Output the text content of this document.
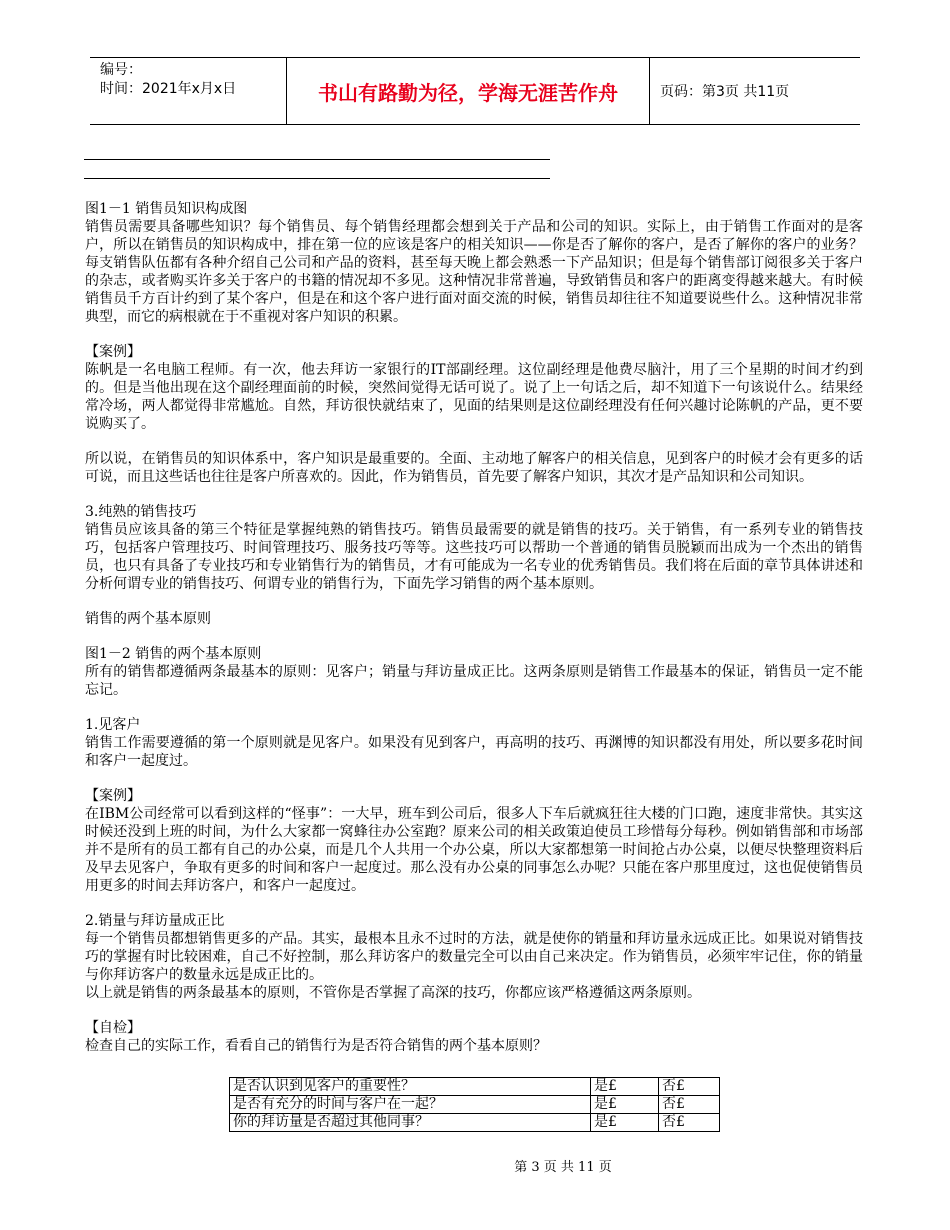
编号：
时间：2021年x月x日	书山有路勤为径，学海无涯苦作舟	页码：第3页 共11页

图1－1 销售员知识构成图

销售员需要具备哪些知识？每个销售员、每个销售经理都会想到关于产品和公司的知识。实际上，由于销售工作面对的是客户，所以在销售员的知识构成中，排在第一位的应该是客户的相关知识——你是否了解你的客户，是否了解你的客户的业务？每支销售队伍都有各种介绍自己公司和产品的资料，甚至每天晚上都会熟悉一下产品知识；但是每个销售部订阅很多关于客户的杂志，或者购买许多关于客户的书籍的情况却不多见。这种情况非常普遍，导致销售员和客户的距离变得越来越大。有时候销售员千方百计约到了某个客户，但是在和这个客户进行面对面交流的时候，销售员却往往不知道要说些什么。这种情况非常典型，而它的病根就在于不重视对客户知识的积累。

【案例】

陈帆是一名电脑工程师。有一次，他去拜访一家银行的IT部副经理。这位副经理是他费尽脑汁，用了三个星期的时间才约到的。但是当他出现在这个副经理面前的时候，突然间觉得无话可说了。说了上一句话之后，却不知道下一句该说什么。结果经常冷场，两人都觉得非常尴尬。自然，拜访很快就结束了，见面的结果则是这位副经理没有任何兴趣讨论陈帆的产品，更不要说购买了。

所以说，在销售员的知识体系中，客户知识是最重要的。全面、主动地了解客户的相关信息，见到客户的时候才会有更多的话可说，而且这些话也往往是客户所喜欢的。因此，作为销售员，首先要了解客户知识，其次才是产品知识和公司知识。

3.纯熟的销售技巧

销售员应该具备的第三个特征是掌握纯熟的销售技巧。销售员最需要的就是销售的技巧。关于销售，有一系列专业的销售技巧，包括客户管理技巧、时间管理技巧、服务技巧等等。这些技巧可以帮助一个普通的销售员脱颖而出成为一个杰出的销售员，也只有具备了专业技巧和专业销售行为的销售员，才有可能成为一名专业的优秀销售员。我们将在后面的章节具体讲述和分析何谓专业的销售技巧、何谓专业的销售行为，下面先学习销售的两个基本原则。

销售的两个基本原则

图1－2 销售的两个基本原则

所有的销售都遵循两条最基本的原则：见客户；销量与拜访量成正比。这两条原则是销售工作最基本的保证，销售员一定不能忘记。

1.见客户

销售工作需要遵循的第一个原则就是见客户。如果没有见到客户，再高明的技巧、再渊博的知识都没有用处，所以要多花时间和客户一起度过。

【案例】

在IBM公司经常可以看到这样的“怪事”：一大早，班车到公司后，很多人下车后就疯狂往大楼的门口跑，速度非常快。其实这时候还没到上班的时间，为什么大家都一窝蜂往办公室跑？原来公司的相关政策迫使员工珍惜每分每秒。例如销售部和市场部并不是所有的员工都有自己的办公桌，而是几个人共用一个办公桌，所以大家都想第一时间抢占办公桌，以便尽快整理资料后及早去见客户，争取有更多的时间和客户一起度过。那么没有办公桌的同事怎么办呢？只能在客户那里度过，这也促使销售员用更多的时间去拜访客户，和客户一起度过。

2.销量与拜访量成正比

每一个销售员都想销售更多的产品。其实，最根本且永不过时的方法，就是使你的销量和拜访量永远成正比。如果说对销售技巧的掌握有时比较困难，自己不好控制，那么拜访客户的数量完全可以由自己来决定。作为销售员，必须牢牢记住，你的销量与你拜访客户的数量永远是成正比的。

以上就是销售的两条最基本的原则，不管你是否掌握了高深的技巧，你都应该严格遵循这两条原则。

【自检】

检查自己的实际工作，看看自己的销售行为是否符合销售的两个基本原则？

是否认识到见客户的重要性？	是£	否£
是否有充分的时间与客户在一起？	是£	否£
你的拜访量是否超过其他同事？	是£	否£
第 3 页 共 11 页
